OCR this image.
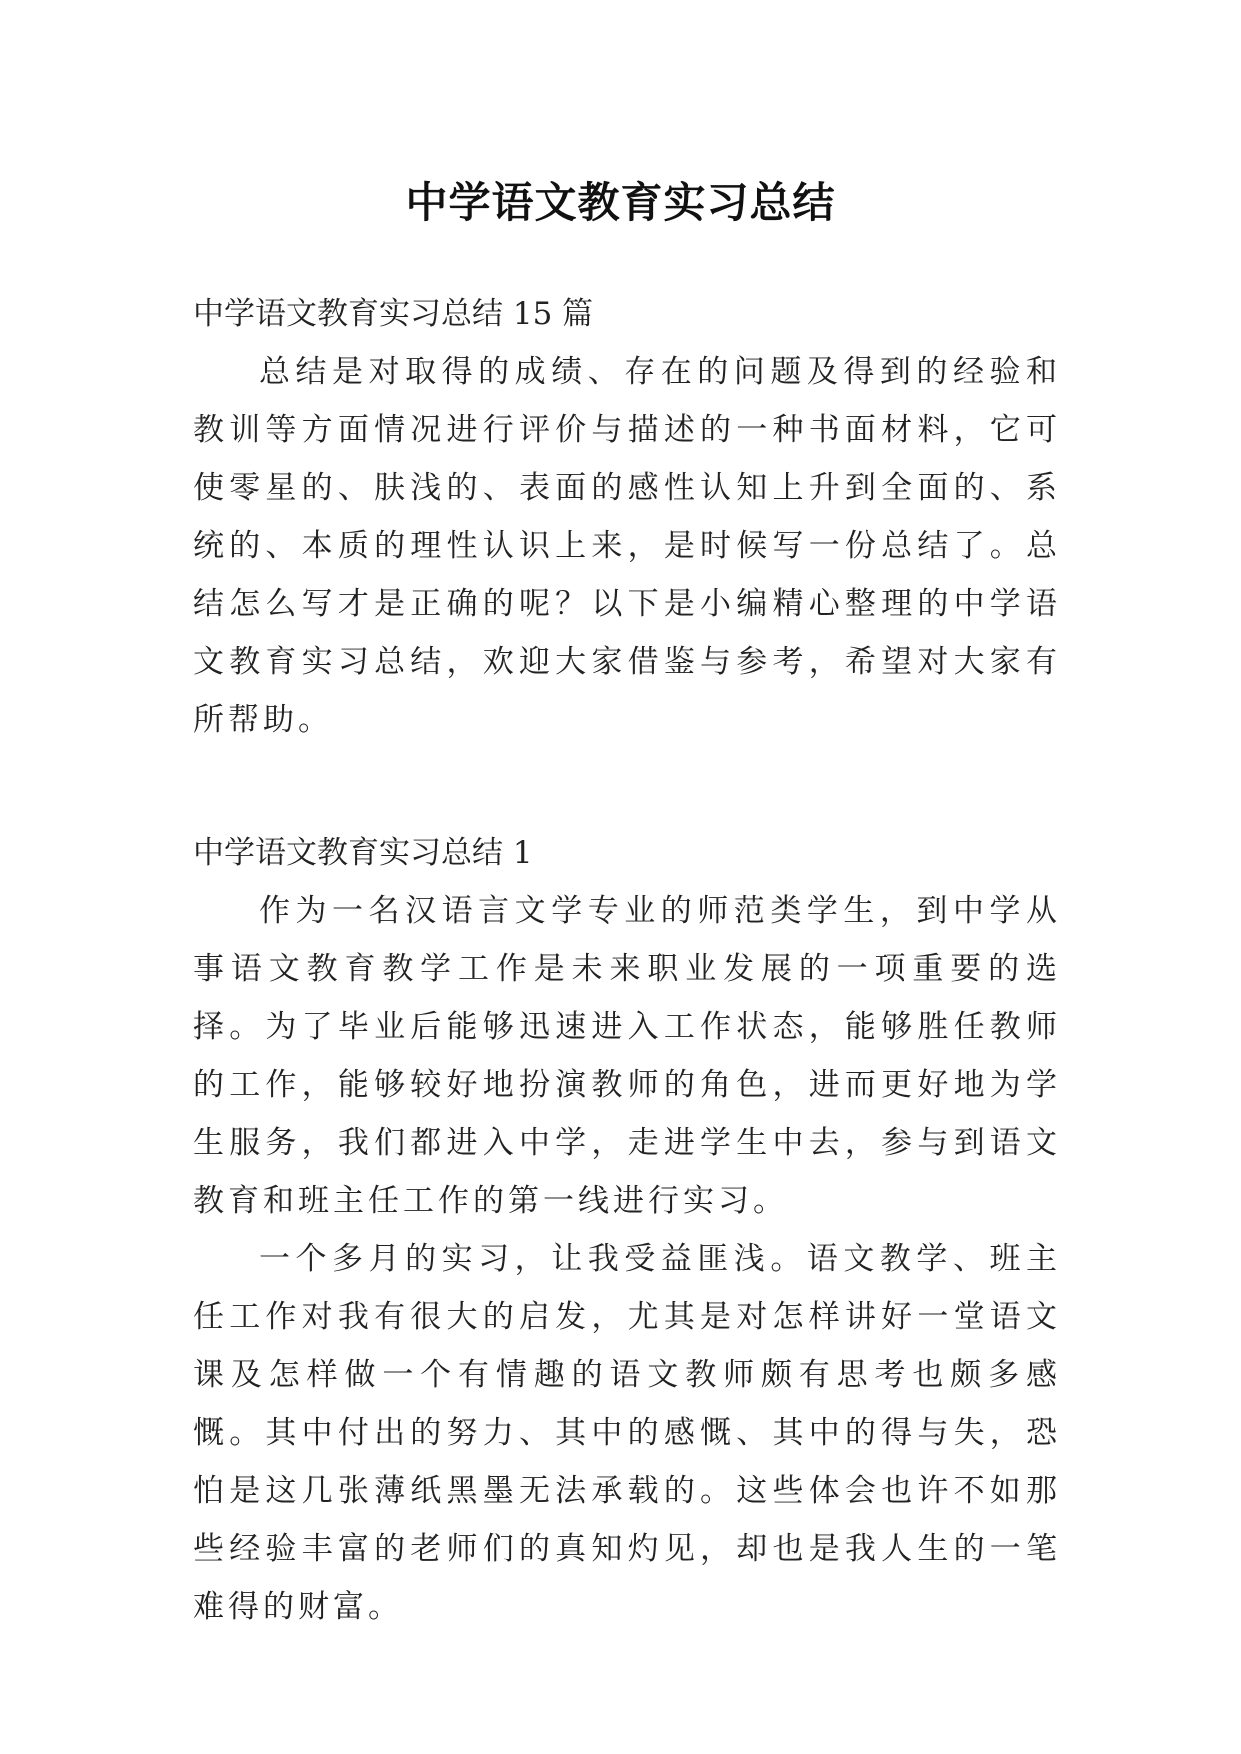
中学语文教育实习总结
中学语文教育实习总结 15 篇

总结是对取得的成绩、存在的问题及得到的经验和教训等方面情况进行评价与描述的一种书面材料，它可使零星的、肤浅的、表面的感性认知上升到全面的、系统的、本质的理性认识上来，是时候写一份总结了。总结怎么写才是正确的呢？以下是小编精心整理的中学语文教育实习总结，欢迎大家借鉴与参考，希望对大家有所帮助。

中学语文教育实习总结 1

作为一名汉语言文学专业的师范类学生，到中学从事语文教育教学工作是未来职业发展的一项重要的选择。为了毕业后能够迅速进入工作状态，能够胜任教师的工作，能够较好地扮演教师的角色，进而更好地为学生服务，我们都进入中学，走进学生中去，参与到语文教育和班主任工作的第一线进行实习。

一个多月的实习，让我受益匪浅。语文教学、班主任工作对我有很大的启发，尤其是对怎样讲好一堂语文课及怎样做一个有情趣的语文教师颇有思考也颇多感慨。其中付出的努力、其中的感慨、其中的得与失，恐怕是这几张薄纸黑墨无法承载的。这些体会也许不如那些经验丰富的老师们的真知灼见，却也是我人生的一笔难得的财富。
